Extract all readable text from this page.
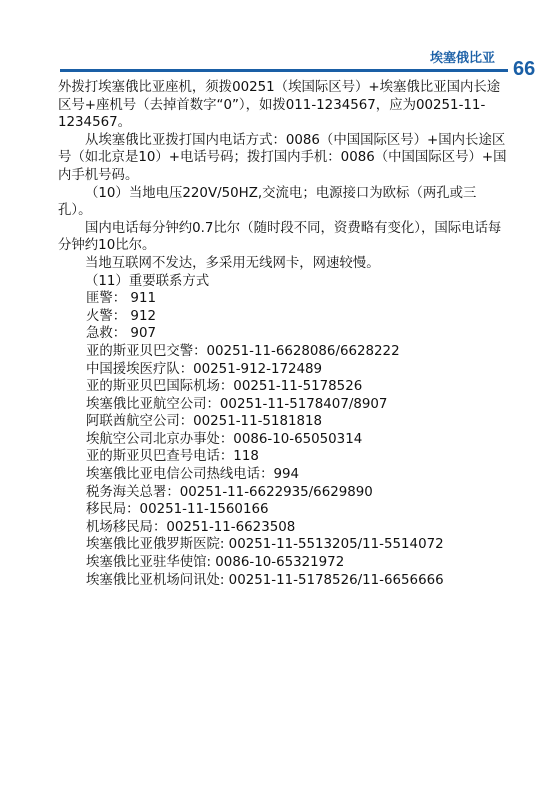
埃塞俄比亚 66

外拨打埃塞俄比亚座机，须拨00251（埃国际区号）+埃塞俄比亚国内长途区号+座机号（去掉首数字“0”），如拨011-1234567，应为00251-11-1234567。

从埃塞俄比亚拨打国内电话方式：0086（中国国际区号）+国内长途区号（如北京是10）+电话号码；拨打国内手机：0086（中国国际区号）+国内手机号码。

（10）当地电压220V/50HZ,交流电；电源接口为欧标（两孔或三孔）。

国内电话每分钟约0.7比尔（随时段不同，资费略有变化），国际电话每分钟约10比尔。

当地互联网不发达，多采用无线网卡，网速较慢。

（11）重要联系方式

匪警： 911

火警： 912

急救： 907

亚的斯亚贝巴交警：00251-11-6628086/6628222

中国援埃医疗队：00251-912-172489

亚的斯亚贝巴国际机场：00251-11-5178526

埃塞俄比亚航空公司：00251-11-5178407/8907

阿联酋航空公司：00251-11-5181818

埃航空公司北京办事处：0086-10-65050314

亚的斯亚贝巴查号电话：118

埃塞俄比亚电信公司热线电话：994

税务海关总署：00251-11-6622935/6629890

移民局：00251-11-1560166

机场移民局：00251-11-6623508

埃塞俄比亚俄罗斯医院: 00251-11-5513205/11-5514072

埃塞俄比亚驻华使馆: 0086-10-65321972

埃塞俄比亚机场问讯处: 00251-11-5178526/11-6656666
